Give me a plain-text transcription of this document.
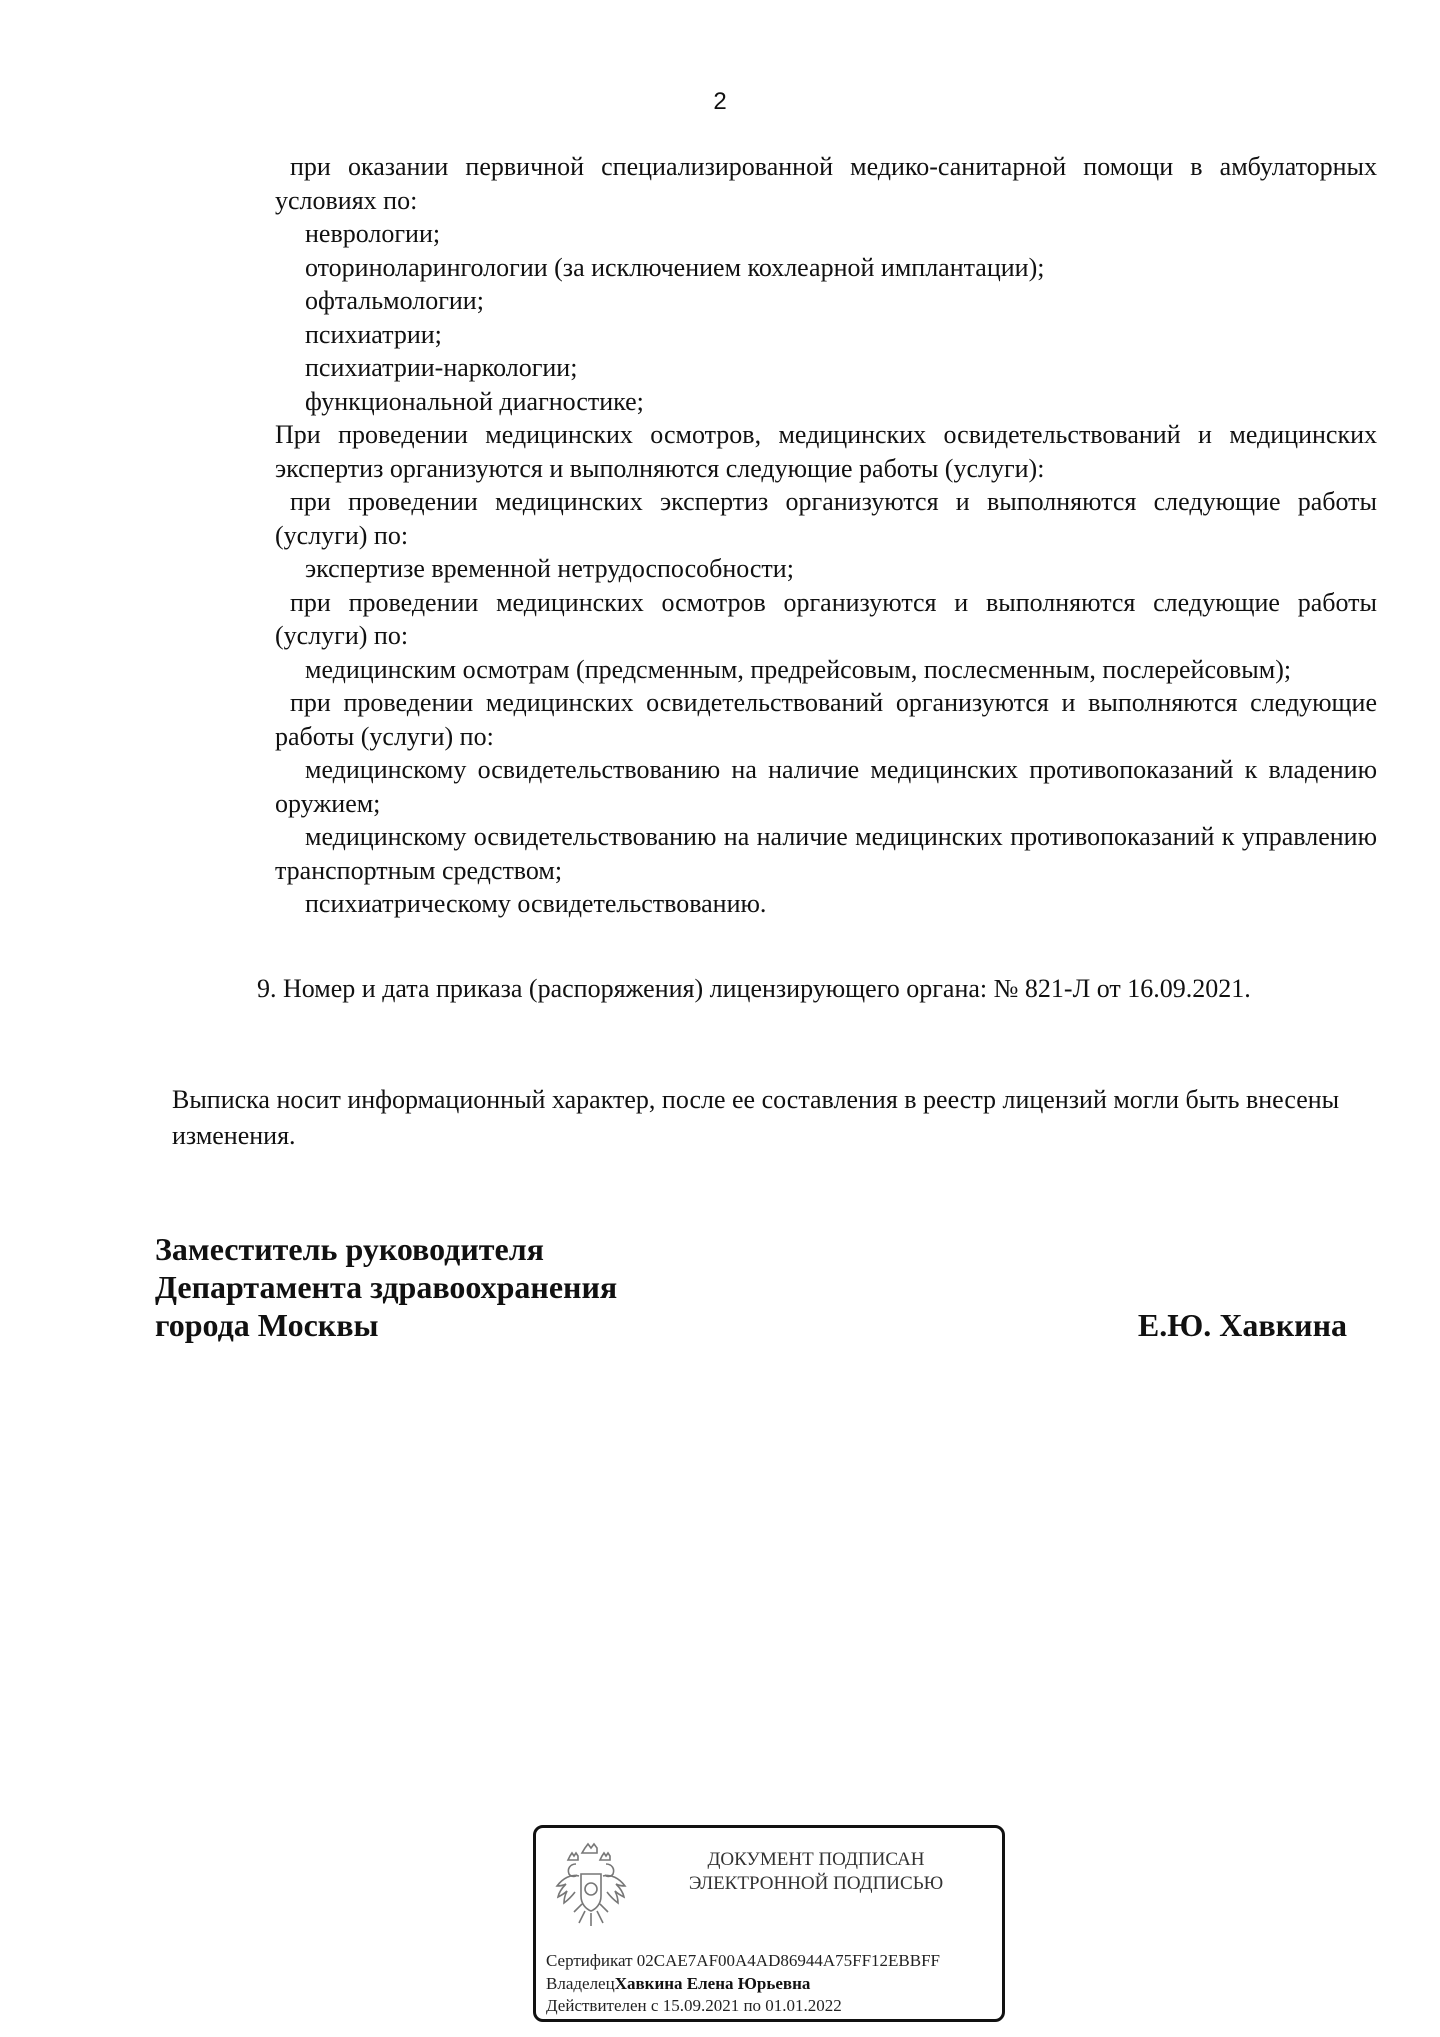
2

при оказании первичной специализированной медико-санитарной помощи в амбулаторных условиях по:

неврологии;

оториноларингологии (за исключением кохлеарной имплантации);

офтальмологии;

психиатрии;

психиатрии-наркологии;

функциональной диагностике;

При проведении медицинских осмотров, медицинских освидетельствований и медицинских экспертиз организуются и выполняются следующие работы (услуги):

при проведении медицинских экспертиз организуются и выполняются следующие работы (услуги) по:

экспертизе временной нетрудоспособности;

при проведении медицинских осмотров организуются и выполняются следующие работы (услуги) по:

медицинским осмотрам (предсменным, предрейсовым, послесменным, послерейсовым);

при проведении медицинских освидетельствований организуются и выполняются следующие работы (услуги) по:

медицинскому освидетельствованию на наличие медицинских противопоказаний к владению оружием;

медицинскому освидетельствованию на наличие медицинских противопоказаний к управлению транспортным средством;

психиатрическому освидетельствованию.

9. Номер и дата приказа (распоряжения) лицензирующего органа: № 821-Л от 16.09.2021.
Выписка носит информационный характер, после ее составления в реестр лицензий могли быть внесены изменения.
Заместитель руководителя
Департамента здравоохранения
города Москвы	Е.Ю. Хавкина
ДОКУМЕНТ ПОДПИСАН
ЭЛЕКТРОННОЙ ПОДПИСЬЮ
Сертификат 02CAE7AF00A4AD86944A75FF12EBBFF
ВладелецХавкина Елена Юрьевна
Действителен с 15.09.2021 по 01.01.2022
